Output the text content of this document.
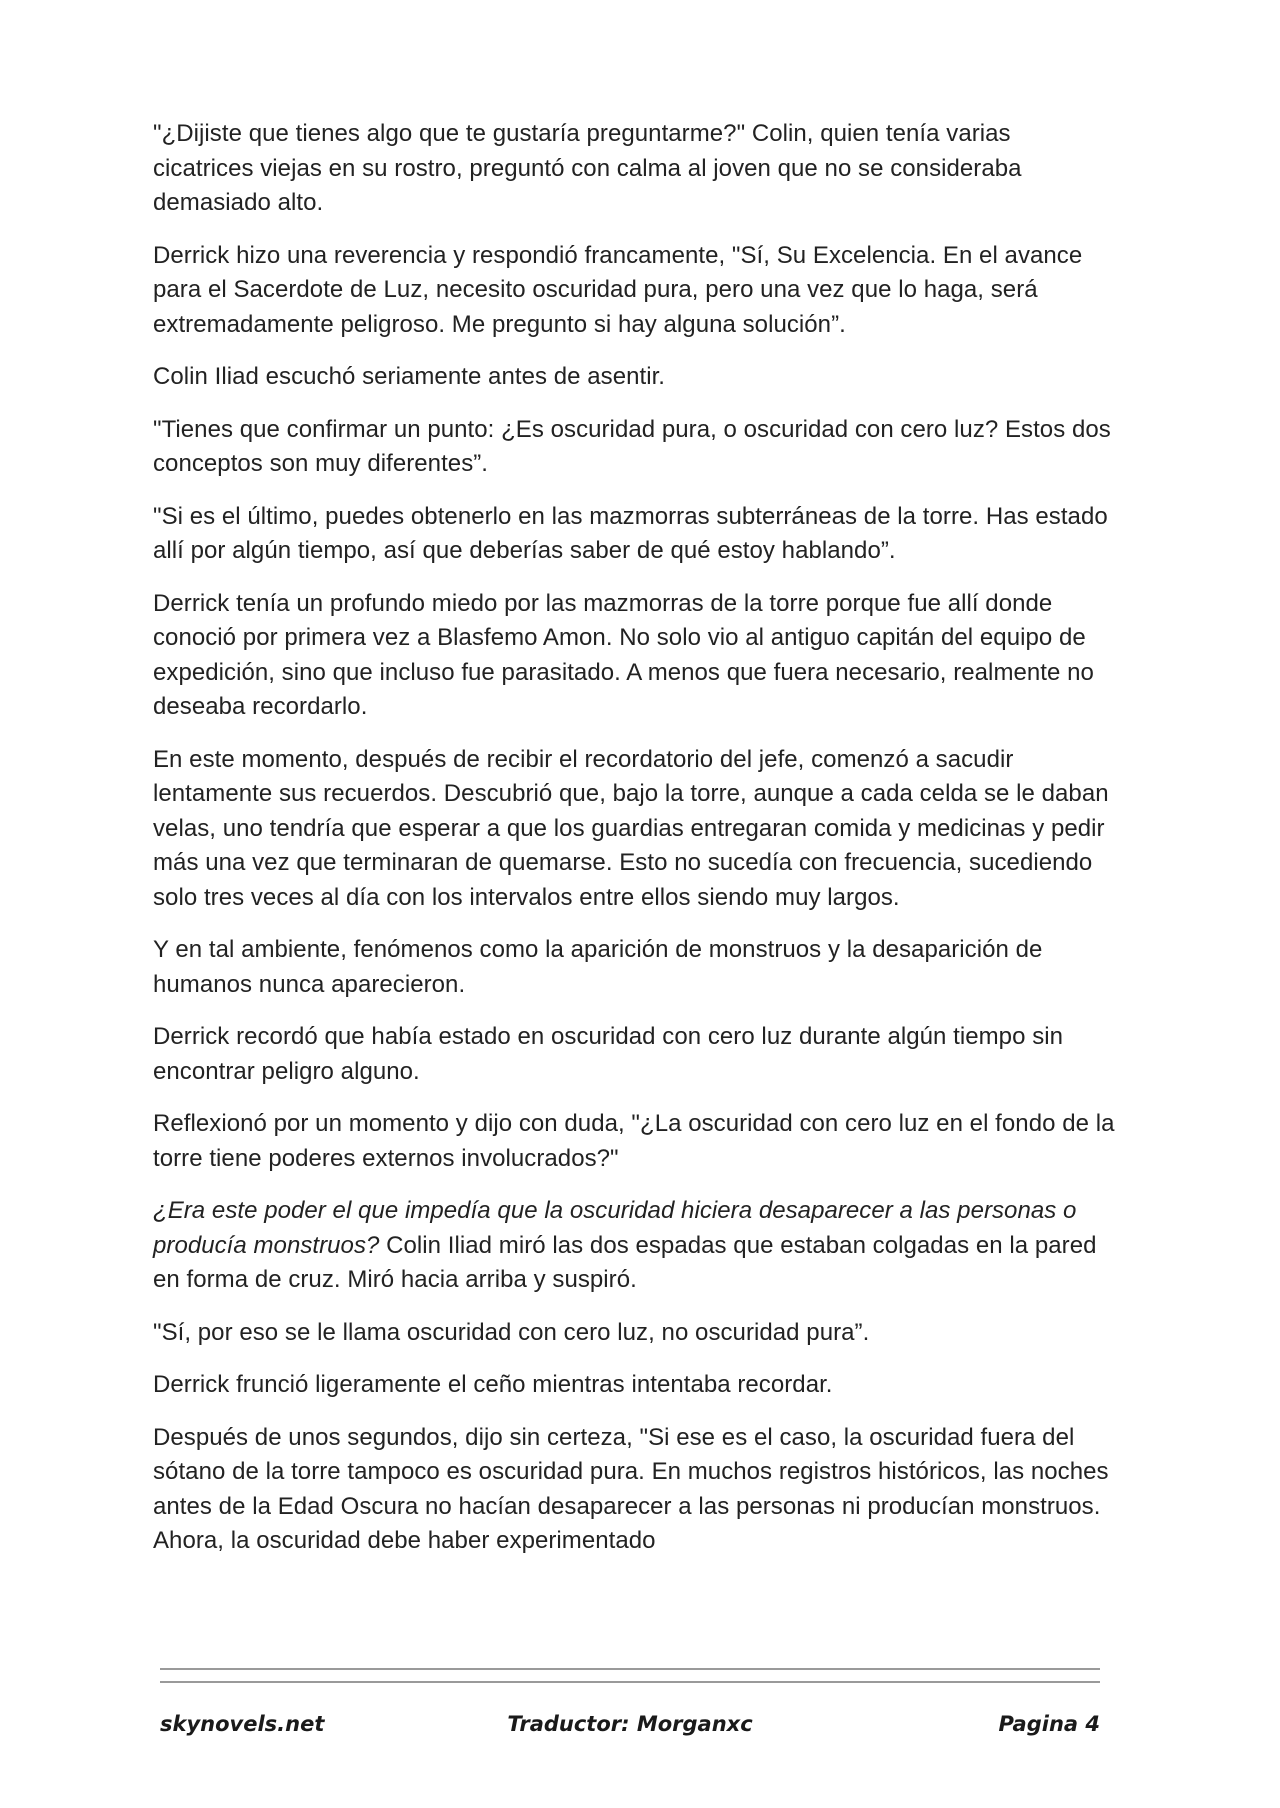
"¿Dijiste que tienes algo que te gustaría preguntarme?" Colin, quien tenía varias cicatrices viejas en su rostro, preguntó con calma al joven que no se consideraba demasiado alto.

Derrick hizo una reverencia y respondió francamente, "Sí, Su Excelencia. En el avance para el Sacerdote de Luz, necesito oscuridad pura, pero una vez que lo haga, será extremadamente peligroso. Me pregunto si hay alguna solución”.

Colin Iliad escuchó seriamente antes de asentir.

"Tienes que confirmar un punto: ¿Es oscuridad pura, o oscuridad con cero luz? Estos dos conceptos son muy diferentes”.

"Si es el último, puedes obtenerlo en las mazmorras subterráneas de la torre. Has estado allí por algún tiempo, así que deberías saber de qué estoy hablando”.

Derrick tenía un profundo miedo por las mazmorras de la torre porque fue allí donde conoció por primera vez a Blasfemo Amon. No solo vio al antiguo capitán del equipo de expedición, sino que incluso fue parasitado. A menos que fuera necesario, realmente no deseaba recordarlo.

En este momento, después de recibir el recordatorio del jefe, comenzó a sacudir lentamente sus recuerdos. Descubrió que, bajo la torre, aunque a cada celda se le daban velas, uno tendría que esperar a que los guardias entregaran comida y medicinas y pedir más una vez que terminaran de quemarse. Esto no sucedía con frecuencia, sucediendo solo tres veces al día con los intervalos entre ellos siendo muy largos.

Y en tal ambiente, fenómenos como la aparición de monstruos y la desaparición de humanos nunca aparecieron.

Derrick recordó que había estado en oscuridad con cero luz durante algún tiempo sin encontrar peligro alguno.

Reflexionó por un momento y dijo con duda, "¿La oscuridad con cero luz en el fondo de la torre tiene poderes externos involucrados?"

¿Era este poder el que impedía que la oscuridad hiciera desaparecer a las personas o producía monstruos? Colin Iliad miró las dos espadas que estaban colgadas en la pared en forma de cruz. Miró hacia arriba y suspiró.

"Sí, por eso se le llama oscuridad con cero luz, no oscuridad pura”.

Derrick frunció ligeramente el ceño mientras intentaba recordar.

Después de unos segundos, dijo sin certeza, "Si ese es el caso, la oscuridad fuera del sótano de la torre tampoco es oscuridad pura. En muchos registros históricos, las noches antes de la Edad Oscura no hacían desaparecer a las personas ni producían monstruos. Ahora, la oscuridad debe haber experimentado

skynovels.net	Traductor: Morganxc	Pagina 4
